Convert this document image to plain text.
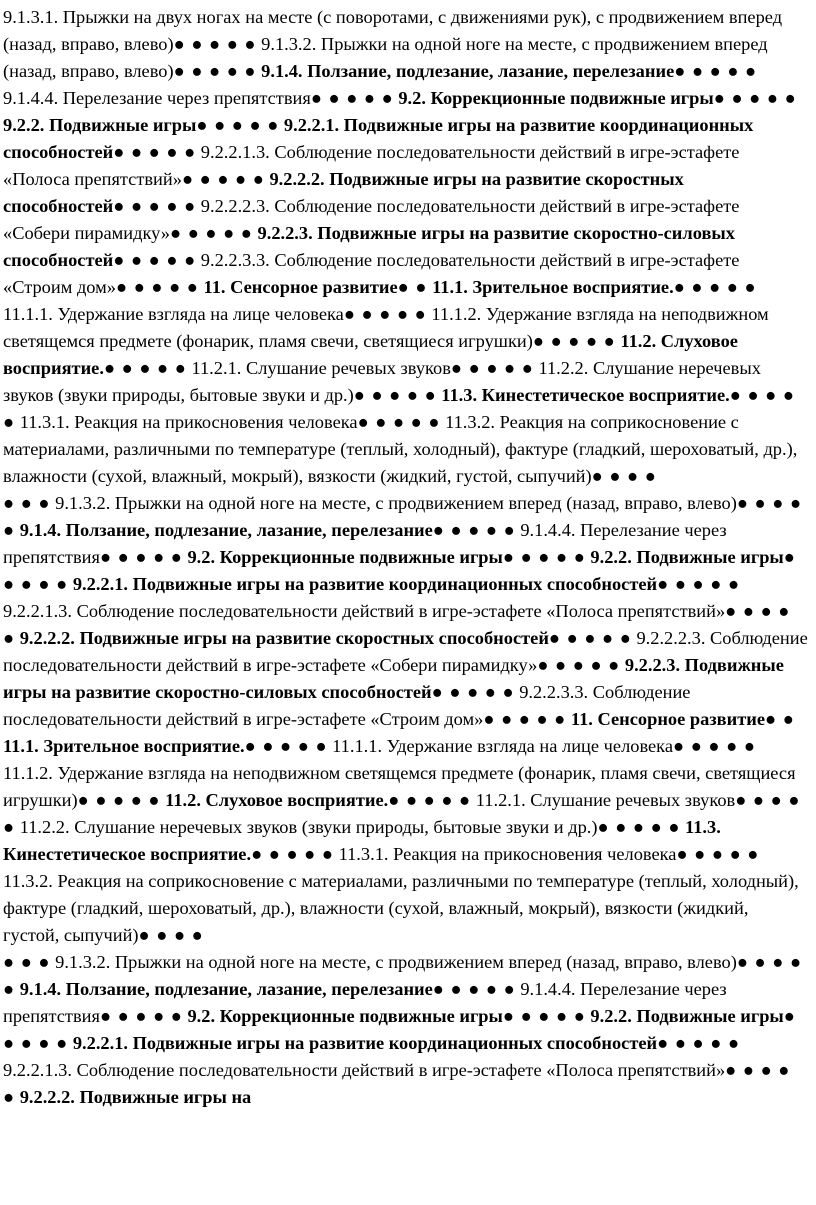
9.1.3.1. Прыжки на двух ногах на месте (с поворотами, с движениями рук), с продвижением вперед (назад, вправо, влево)● ● ● ● ● 9.1.3.2. Прыжки на одной ноге на месте, с продвижением вперед (назад, вправо, влево)● ● ● ● ● 9.1.4. Ползание, подлезание, лазание, перелезание● ● ● ● ● 9.1.4.4. Перелезание через препятствия● ● ● ● ● 9.2. Коррекционные подвижные игры● ● ● ● ● 9.2.2. Подвижные игры● ● ● ● ● 9.2.2.1. Подвижные игры на развитие координационных способностей● ● ● ● ● 9.2.2.1.3. Соблюдение последовательности действий в игре-эстафете «Полоса препятствий»● ● ● ● ● 9.2.2.2. Подвижные игры на развитие скоростных способностей● ● ● ● ● 9.2.2.2.3. Соблюдение последовательности действий в игре-эстафете «Собери пирамидку»● ● ● ● ● 9.2.2.3. Подвижные игры на развитие скоростно-силовых способностей● ● ● ● ● 9.2.2.3.3. Соблюдение последовательности действий в игре-эстафете «Строим дом»● ● ● ● ● 11. Сенсорное развитие● ● 11.1. Зрительное восприятие.● ● ● ● ● 11.1.1. Удержание взгляда на лице человека● ● ● ● ● 11.1.2. Удержание взгляда на неподвижном светящемся предмете (фонарик, пламя свечи, светящиеся игрушки)● ● ● ● ● 11.2. Слуховое восприятие.● ● ● ● ● 11.2.1. Слушание речевых звуков● ● ● ● ● 11.2.2. Слушание неречевых звуков (звуки природы, бытовые звуки и др.)● ● ● ● ● 11.3. Кинестетическое восприятие.● ● ● ● ● 11.3.1. Реакция на прикосновения человека● ● ● ● ● 11.3.2. Реакция на соприкосновение с материалами, различными по температуре (теплый, холодный), фактуре (гладкий, шероховатый, др.), влажности (сухой, влажный, мокрый), вязкости (жидкий, густой, сыпучий)● ● ● ●

● ● ● 9.1.3.2. Прыжки на одной ноге на месте, с продвижением вперед (назад, вправо, влево)● ● ● ● ● 9.1.4. Ползание, подлезание, лазание, перелезание● ● ● ● ● 9.1.4.4. Перелезание через препятствия● ● ● ● ● 9.2. Коррекционные подвижные игры● ● ● ● ● 9.2.2. Подвижные игры● ● ● ● ● 9.2.2.1. Подвижные игры на развитие координационных способностей● ● ● ● ● 9.2.2.1.3. Соблюдение последовательности действий в игре-эстафете «Полоса препятствий»● ● ● ● ● 9.2.2.2. Подвижные игры на развитие скоростных способностей● ● ● ● ● 9.2.2.2.3. Соблюдение последовательности действий в игре-эстафете «Собери пирамидку»● ● ● ● ● 9.2.2.3. Подвижные игры на развитие скоростно-силовых способностей● ● ● ● ● 9.2.2.3.3. Соблюдение последовательности действий в игре-эстафете «Строим дом»● ● ● ● ● 11. Сенсорное развитие● ● 11.1. Зрительное восприятие.● ● ● ● ● 11.1.1. Удержание взгляда на лице человека● ● ● ● ● 11.1.2. Удержание взгляда на неподвижном светящемся предмете (фонарик, пламя свечи, светящиеся игрушки)● ● ● ● ● 11.2. Слуховое восприятие.● ● ● ● ● 11.2.1. Слушание речевых звуков● ● ● ● ● 11.2.2. Слушание неречевых звуков (звуки природы, бытовые звуки и др.)● ● ● ● ● 11.3. Кинестетическое восприятие.● ● ● ● ● 11.3.1. Реакция на прикосновения человека● ● ● ● ● 11.3.2. Реакция на соприкосновение с материалами, различными по температуре (теплый, холодный), фактуре (гладкий, шероховатый, др.), влажности (сухой, влажный, мокрый), вязкости (жидкий, густой, сыпучий)● ● ● ●

● ● ● 9.1.3.2. Прыжки на одной ноге на месте, с продвижением вперед (назад, вправо, влево)● ● ● ● ● 9.1.4. Ползание, подлезание, лазание, перелезание● ● ● ● ● 9.1.4.4. Перелезание через препятствия● ● ● ● ● 9.2. Коррекционные подвижные игры● ● ● ● ● 9.2.2. Подвижные игры● ● ● ● ● 9.2.2.1. Подвижные игры на развитие координационных способностей● ● ● ● ● 9.2.2.1.3. Соблюдение последовательности действий в игре-эстафете «Полоса препятствий»● ● ● ● ● 9.2.2.2. Подвижные игры на
